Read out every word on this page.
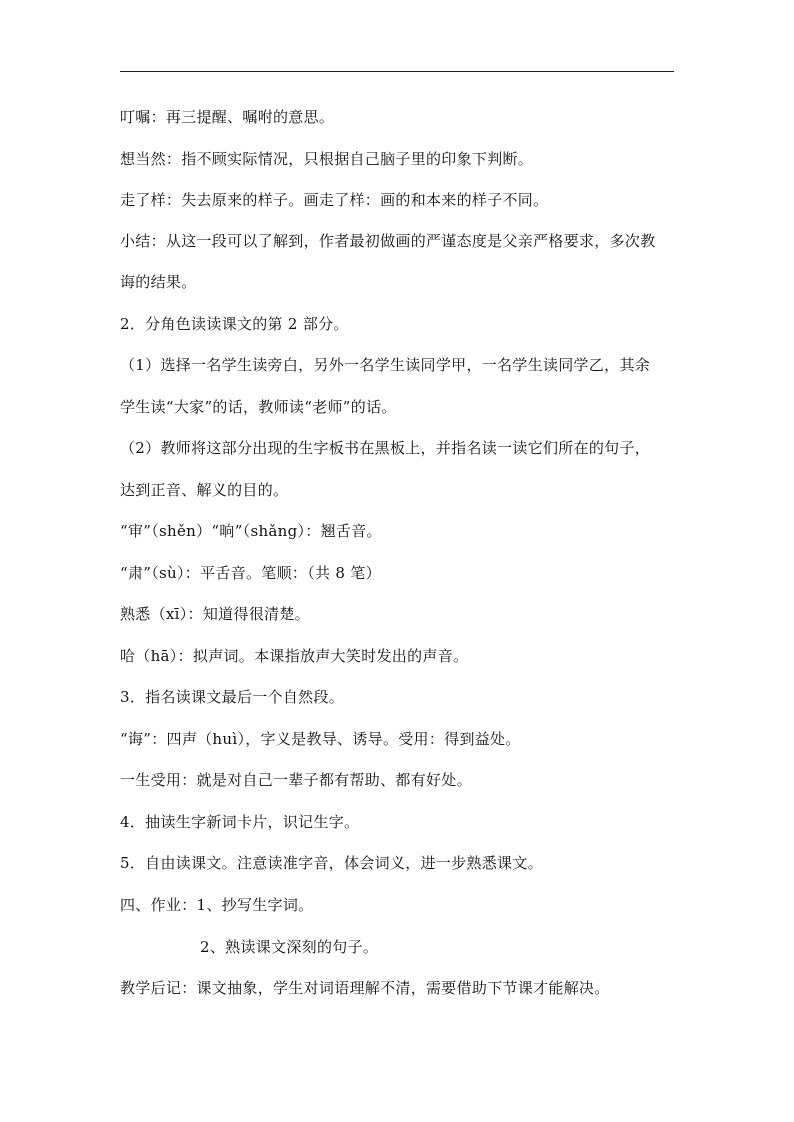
叮嘱：再三提醒、嘱咐的意思。
想当然：指不顾实际情况，只根据自己脑子里的印象下判断。
走了样：失去原来的样子。画走了样：画的和本来的样子不同。
小结：从这一段可以了解到，作者最初做画的严谨态度是父亲严格要求，多次教
诲的结果。
2．分角色读读课文的第 2 部分。
（1）选择一名学生读旁白，另外一名学生读同学甲，一名学生读同学乙，其余
学生读“大家”的话，教师读“老师”的话。
（2）教师将这部分出现的生字板书在黑板上，并指名读一读它们所在的句子，
达到正音、解义的目的。
“审”（shěn）“晌”（shǎng）：翘舌音。
“肃”（sù）：平舌音。笔顺：（共 8 笔）
熟悉（xī）：知道得很清楚。
哈（hā）：拟声词。本课指放声大笑时发出的声音。
3．指名读课文最后一个自然段。
“诲”：四声（huì），字义是教导、诱导。受用：得到益处。
一生受用：就是对自己一辈子都有帮助、都有好处。
4．抽读生字新词卡片，识记生字。
5．自由读课文。注意读准字音，体会词义，进一步熟悉课文。
四、作业：1、抄写生字词。
2、熟读课文深刻的句子。
教学后记：课文抽象，学生对词语理解不清，需要借助下节课才能解决。
